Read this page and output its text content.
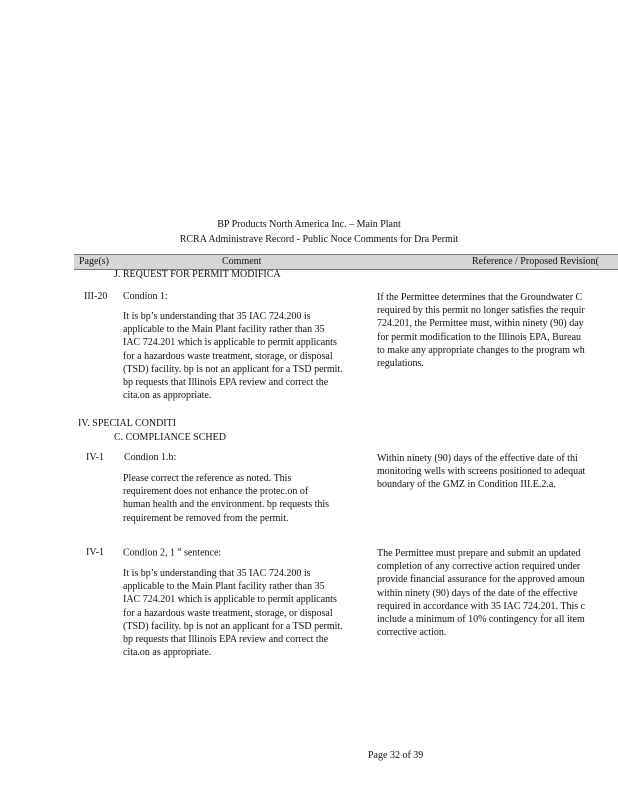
BP Products North America Inc. – Main Plant
RCRA Administrave Record - Public Noce Comments for Dra Permit
Page(s)	Comment	Reference / Proposed Revision(
J. REQUEST FOR PERMIT MODIFICA
III-20 Condion 1:
It is bp’s understanding that 35 IAC 724.200 is
applicable to the Main Plant facility rather than 35
IAC 724.201 which is applicable to permit applicants
for a hazardous waste treatment, storage, or disposal
(TSD) facility. bp is not an applicant for a TSD permit.
bp requests that Illinois EPA review and correct the
cita.on as appropriate.
If the Permittee determines that the Groundwater C
required by this permit no longer satisfies the requir
724.201, the Permittee must, within ninety (90) day
for permit modification to the Illinois EPA, Bureau
to make any appropriate changes to the program wh
regulations.
IV. SPECIAL CONDITI
C. COMPLIANCE SCHED
IV-1 Condion 1.b:
Please correct the reference as noted. This
requirement does not enhance the protec.on of
human health and the environment. bp requests this
requirement be removed from the permit.
Within ninety (90) days of the effective date of thi
monitoring wells with screens positioned to adequat
boundary of the GMZ in Condition III.E.2.a.
IV-1 Condion 2, 1 $^{st}$ sentence:
It is bp’s understanding that 35 IAC 724.200 is
applicable to the Main Plant facility rather than 35
IAC 724.201 which is applicable to permit applicants
for a hazardous waste treatment, storage, or disposal
(TSD) facility. bp is not an applicant for a TSD permit.
bp requests that Illinois EPA review and correct the
cita.on as appropriate.
The Permittee must prepare and submit an updated
completion of any corrective action required under
provide financial assurance for the approved amoun
within ninety (90) days of the date of the effective
required in accordance with 35 IAC 724.201. This c
include a minimum of 10% contingency for all item
corrective action.
Page 32 of 39
